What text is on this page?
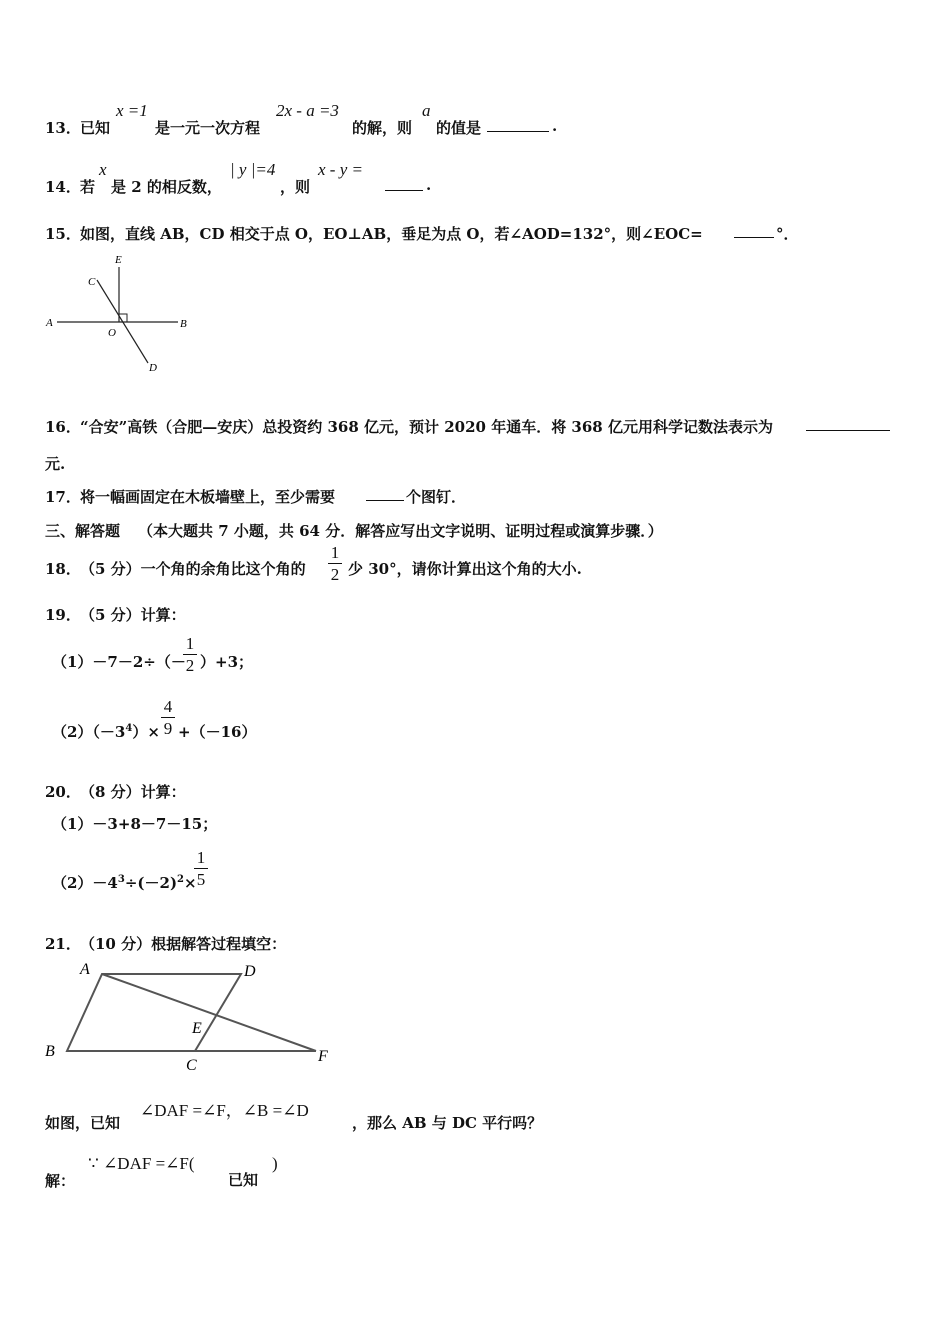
13． 已知
x =1
是一元一次方程
2x - a =3
的解，则
a
的值是	.
14． 若
x
是 2 的相反数，
| y |=4
，则
x - y =
.
15． 如图，直线 AB，CD 相交于点 O，EO⊥AB，垂足为点 O，若∠AOD=132°，则∠EOC=	°．
A	B
C
D
E
O
16． “合安”高铁（合肥—安庆）总投资约 368 亿元，预计 2020 年通车．将 368 亿元用科学记数法表示为
元.
17． 将一幅画固定在木板墙壁上，至少需要	个图钉．
三、解答题 （本大题共 7 小题，共 64 分．解答应写出文字说明、证明过程或演算步骤．）
18． （5 分）一个角的余角比这个角的
1
2 少 30°，请你计算出这个角的大小.
19． （5 分）计算：
（1）－7－2÷（－
1
2 ）+3；
$(2)(-3^4)\times$
4
9 +（－16）
20． （8 分）计算：
（1）－3+8－7－15；
$(2)-4^3\div(-2)^2\times$
1
5
21． （10 分）根据解答过程填空：
A	D
E
B
C
F
如图，已知
∠DAF =∠F，∠B =∠D
，那么 AB 与 DC 平行吗？
解：
∵ ∠DAF =∠F(
已知
)
